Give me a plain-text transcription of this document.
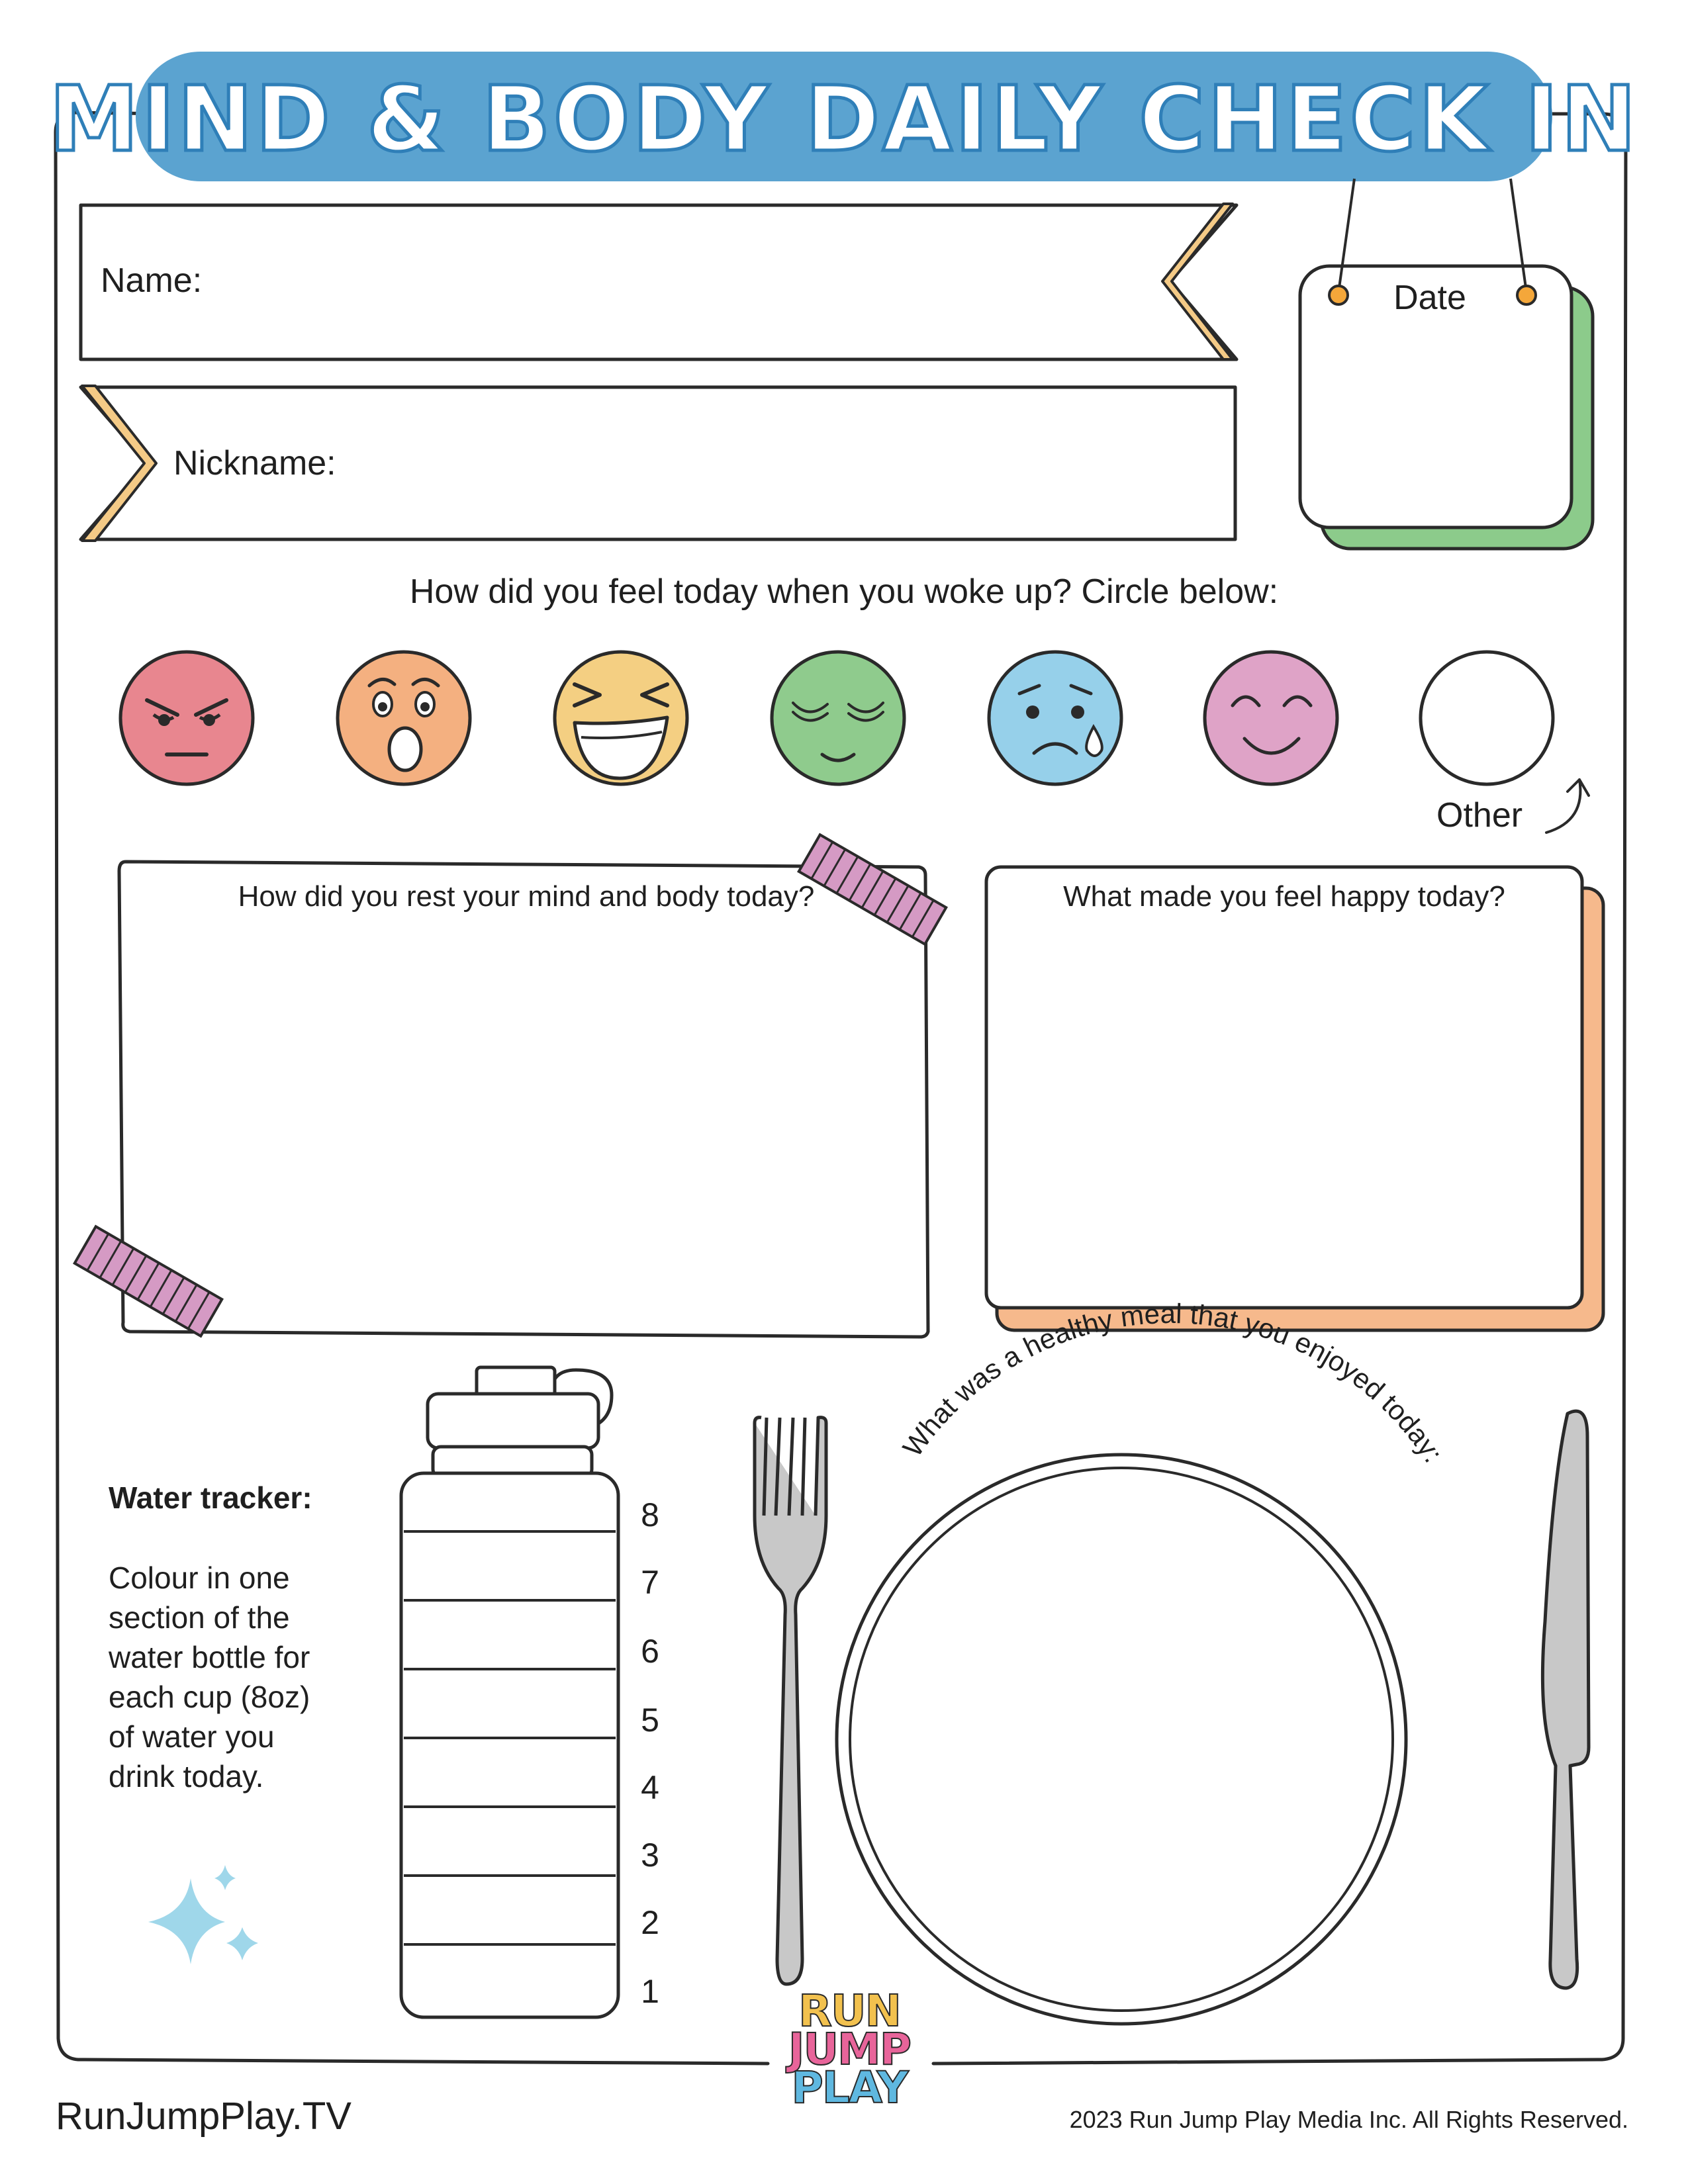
MIND & BODY DAILY CHECK IN
Name:
Nickname:
Date
How did you feel today when you woke up? Circle below:
Other
How did you rest your mind and body today?	What made you feel happy today?
Water tracker:
Colour in one
section of the
water bottle for
each cup (8oz)
of water you
drink today.
8
7
6
5
4
3
2
1
What was a healthy meal that you enjoyed today:
RUN
JUMP
PLAY
RunJumpPlay.TV	2023 Run Jump Play Media Inc. All Rights Reserved.
